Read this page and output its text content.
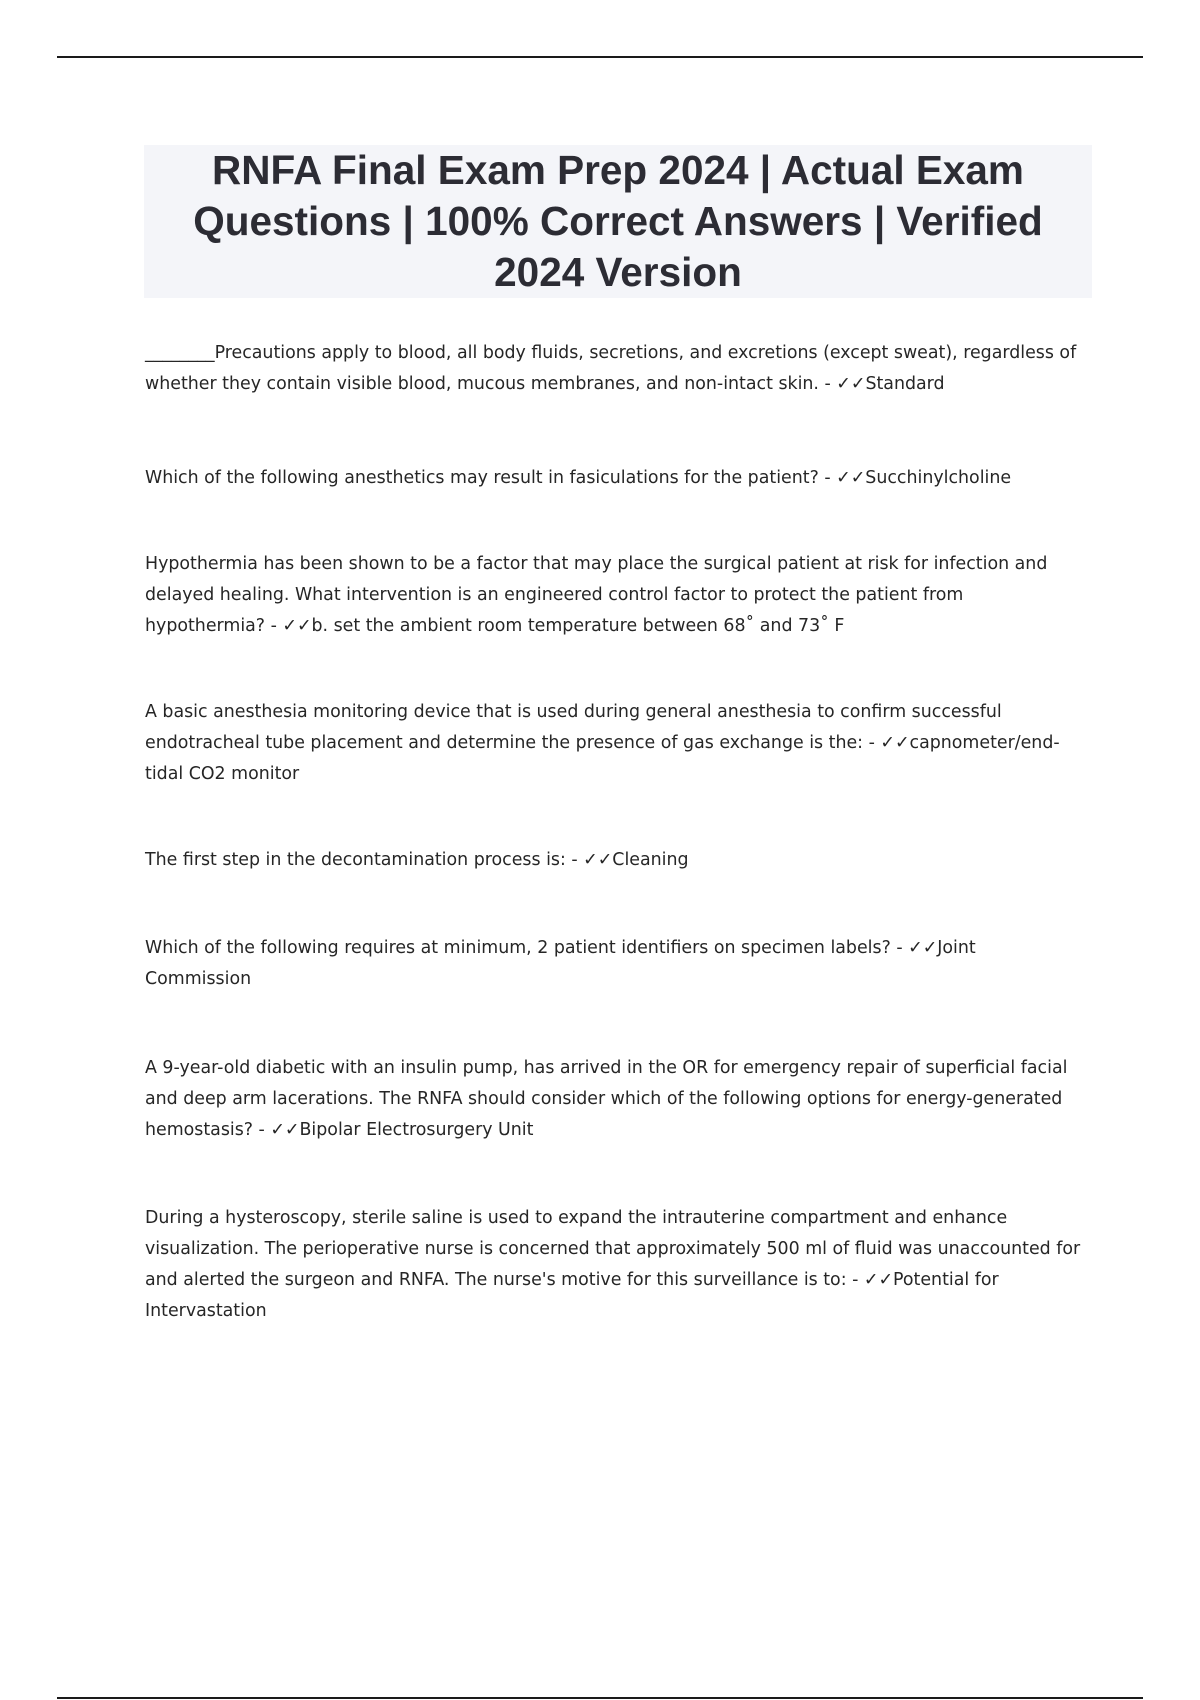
RNFA Final Exam Prep 2024 | Actual Exam Questions | 100% Correct Answers | Verified 2024 Version

________Precautions apply to blood, all body fluids, secretions, and excretions (except sweat), regardless of whether they contain visible blood, mucous membranes, and non-intact skin. - ✓✓Standard

Which of the following anesthetics may result in fasiculations for the patient? - ✓✓Succhinylcholine

Hypothermia has been shown to be a factor that may place the surgical patient at risk for infection and delayed healing. What intervention is an engineered control factor to protect the patient from hypothermia? - ✓✓b. set the ambient room temperature between 68˚ and 73˚ F

A basic anesthesia monitoring device that is used during general anesthesia to confirm successful endotracheal tube placement and determine the presence of gas exchange is the: - ✓✓capnometer/end-tidal CO2 monitor

The first step in the decontamination process is: - ✓✓Cleaning

Which of the following requires at minimum, 2 patient identifiers on specimen labels? - ✓✓Joint Commission

A 9-year-old diabetic with an insulin pump, has arrived in the OR for emergency repair of superficial facial and deep arm lacerations. The RNFA should consider which of the following options for energy-generated hemostasis? - ✓✓Bipolar Electrosurgery Unit

During a hysteroscopy, sterile saline is used to expand the intrauterine compartment and enhance visualization. The perioperative nurse is concerned that approximately 500 ml of fluid was unaccounted for and alerted the surgeon and RNFA. The nurse's motive for this surveillance is to: - ✓✓Potential for Intervastation
